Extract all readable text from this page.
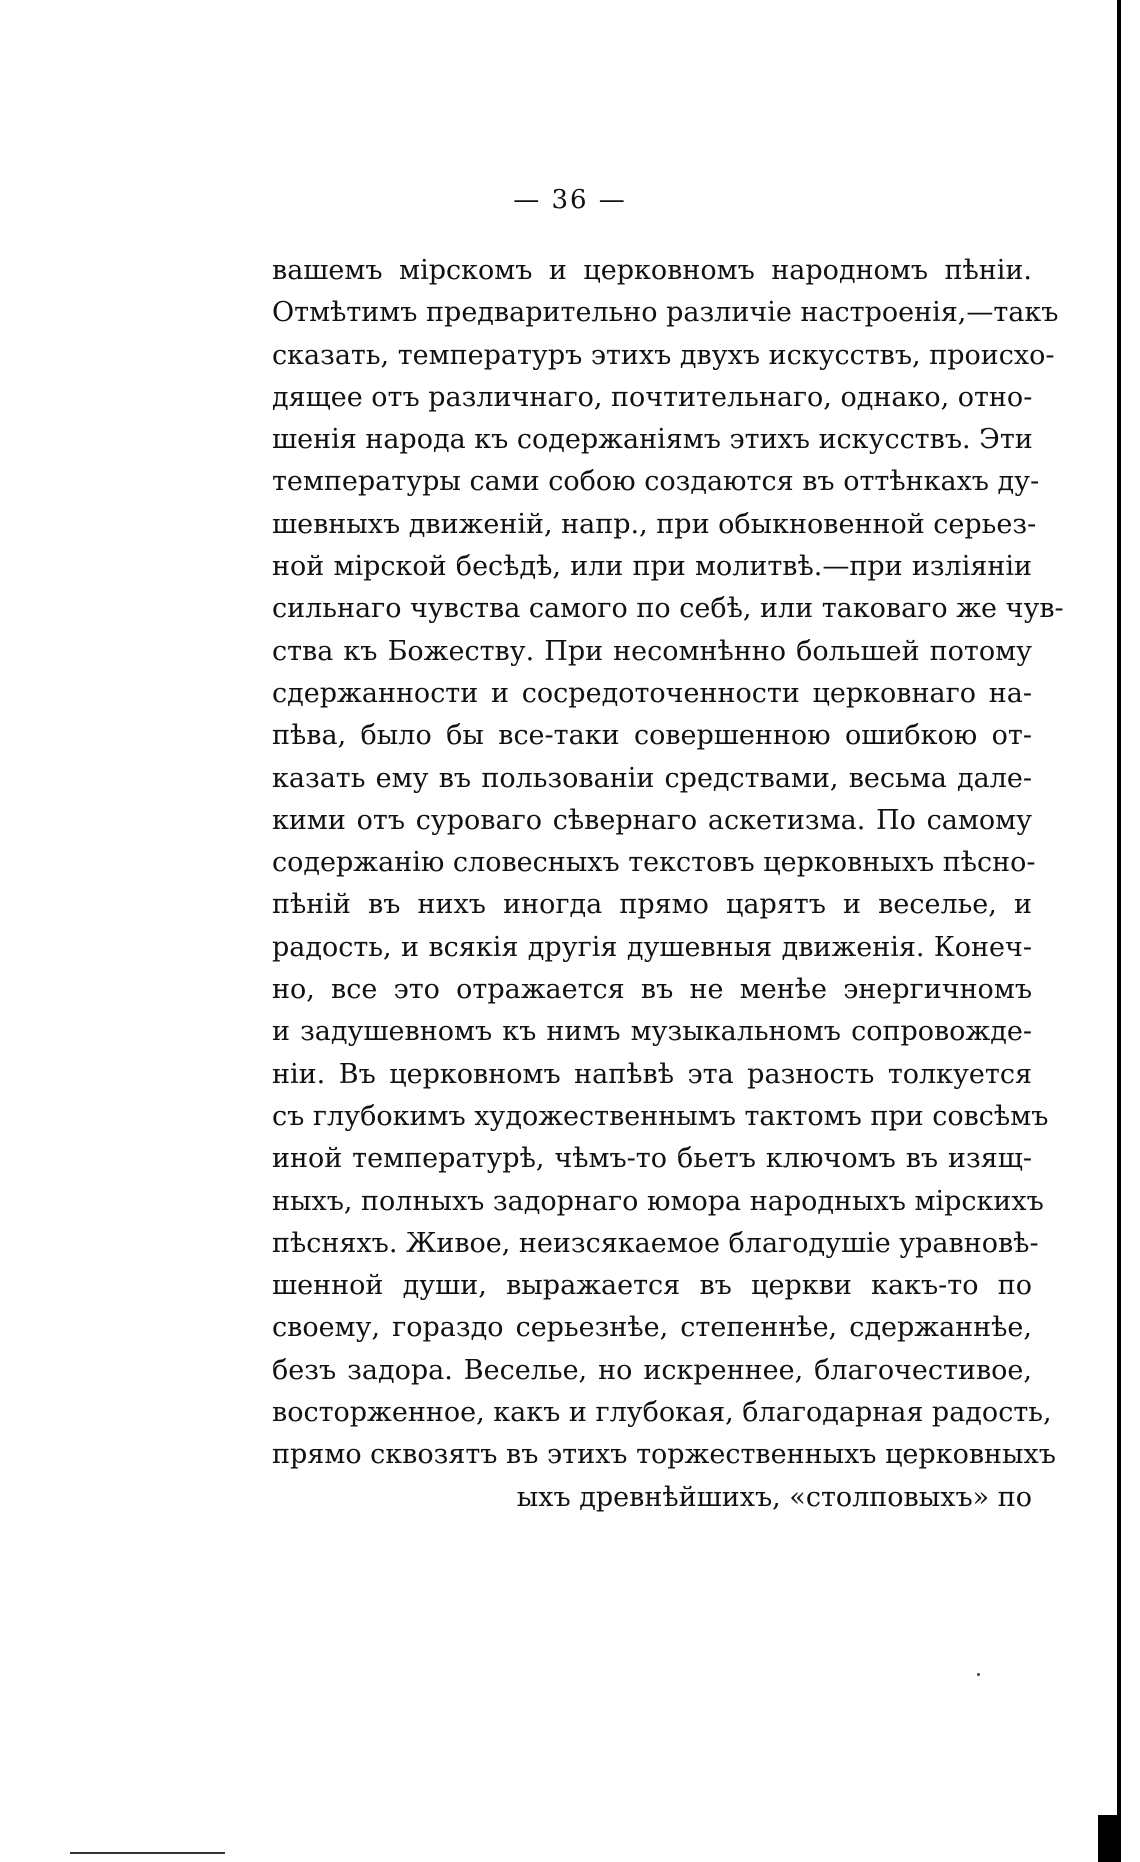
— 36 —
вашемъ мірскомъ и церковномъ народномъ пѣніи.
Отмѣтимъ предварительно различіе настроенія,—такъ
сказать, температуръ этихъ двухъ искусствъ, происхо-
дящее отъ различнаго, почтительнаго, однако, отно-
шенія народа къ содержаніямъ этихъ искусствъ. Эти
температуры сами собою создаются въ оттѣнкахъ ду-
шевныхъ движеній, напр., при обыкновенной серьез-
ной мірской бесѣдѣ, или при молитвѣ.—при изліяніи
сильнаго чувства самого по себѣ, или таковаго же чув-
ства къ Божеству. При несомнѣнно большей потому
сдержанности и сосредоточенности церковнаго на-
пѣва, было бы все-таки совершенною ошибкою от-
казать ему въ пользованіи средствами, весьма дале-
кими отъ суроваго сѣвернаго аскетизма. По самому
содержанію словесныхъ текстовъ церковныхъ пѣсно-
пѣній въ нихъ иногда прямо царятъ и веселье, и
радость, и всякія другія душевныя движенія. Конеч-
но, все это отражается въ не менѣе энергичномъ
и задушевномъ къ нимъ музыкальномъ сопровожде-
ніи. Въ церковномъ напѣвѣ эта разность толкуется
съ глубокимъ художественнымъ тактомъ при совсѣмъ
иной температурѣ, чѣмъ-то бьетъ ключомъ въ изящ-
ныхъ, полныхъ задорнаго юмора народныхъ мірскихъ
пѣсняхъ. Живое, неизсякаемое благодушіе уравновѣ-
шенной души, выражается въ церкви какъ-то по
своему, гораздо серьезнѣе, степеннѣе, сдержаннѣе,
безъ задора. Веселье, но искреннее, благочестивое,
восторженное, какъ и глубокая, благодарная радость,
прямо сквозятъ въ этихъ торжественныхъ церковныхъ
ыхъ древнѣйшихъ, «столповыхъ» по
